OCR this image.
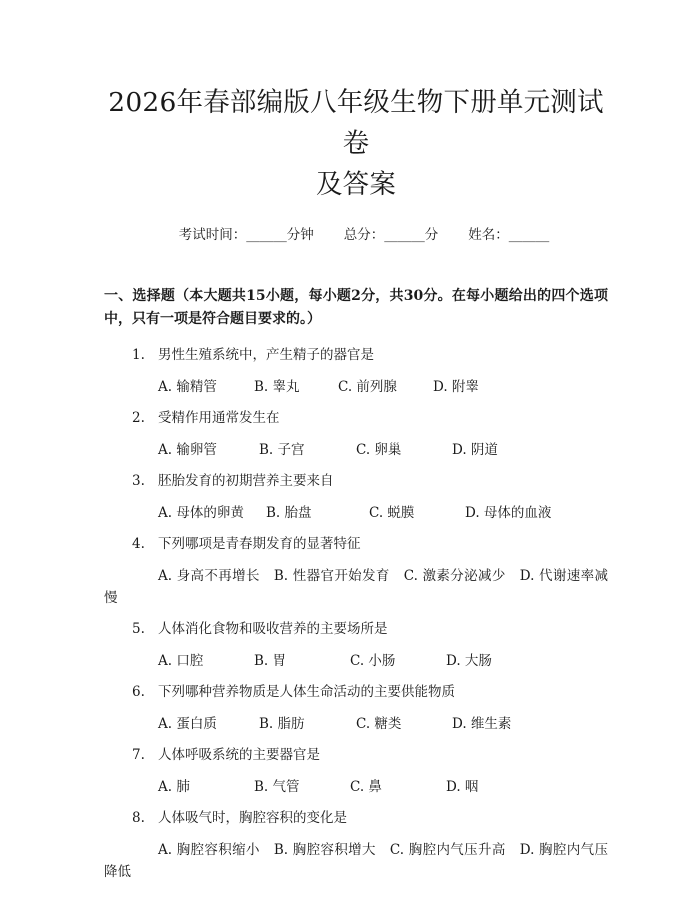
2026年春部编版八年级生物下册单元测试卷
及答案
考试时间：______分钟 总分：______分 姓名：______
一、选择题（本大题共15小题，每小题2分，共30分。在每小题给出的四个选项中，只有一项是符合题目要求的。）
1. 男性生殖系统中，产生精子的器官是
A. 输精管	B. 睾丸	C. 前列腺	D. 附睾
2. 受精作用通常发生在
A. 输卵管	B. 子宫	C. 卵巢	D. 阴道
3. 胚胎发育的初期营养主要来自
A. 母体的卵黄 B. 胎盘	C. 蜕膜	D. 母体的血液
4. 下列哪项是青春期发育的显著特征
A. 身高不再增长 B. 性器官开始发育 C. 激素分泌减少 D. 代谢速率减慢
5. 人体消化食物和吸收营养的主要场所是
A. 口腔	B. 胃	C. 小肠	D. 大肠
6. 下列哪种营养物质是人体生命活动的主要供能物质
A. 蛋白质	B. 脂肪	C. 糖类	D. 维生素
7. 人体呼吸系统的主要器官是
A. 肺	B. 气管	C. 鼻	D. 咽
8. 人体吸气时，胸腔容积的变化是
A. 胸腔容积缩小 B. 胸腔容积增大 C. 胸腔内气压升高 D. 胸腔内气压降低
